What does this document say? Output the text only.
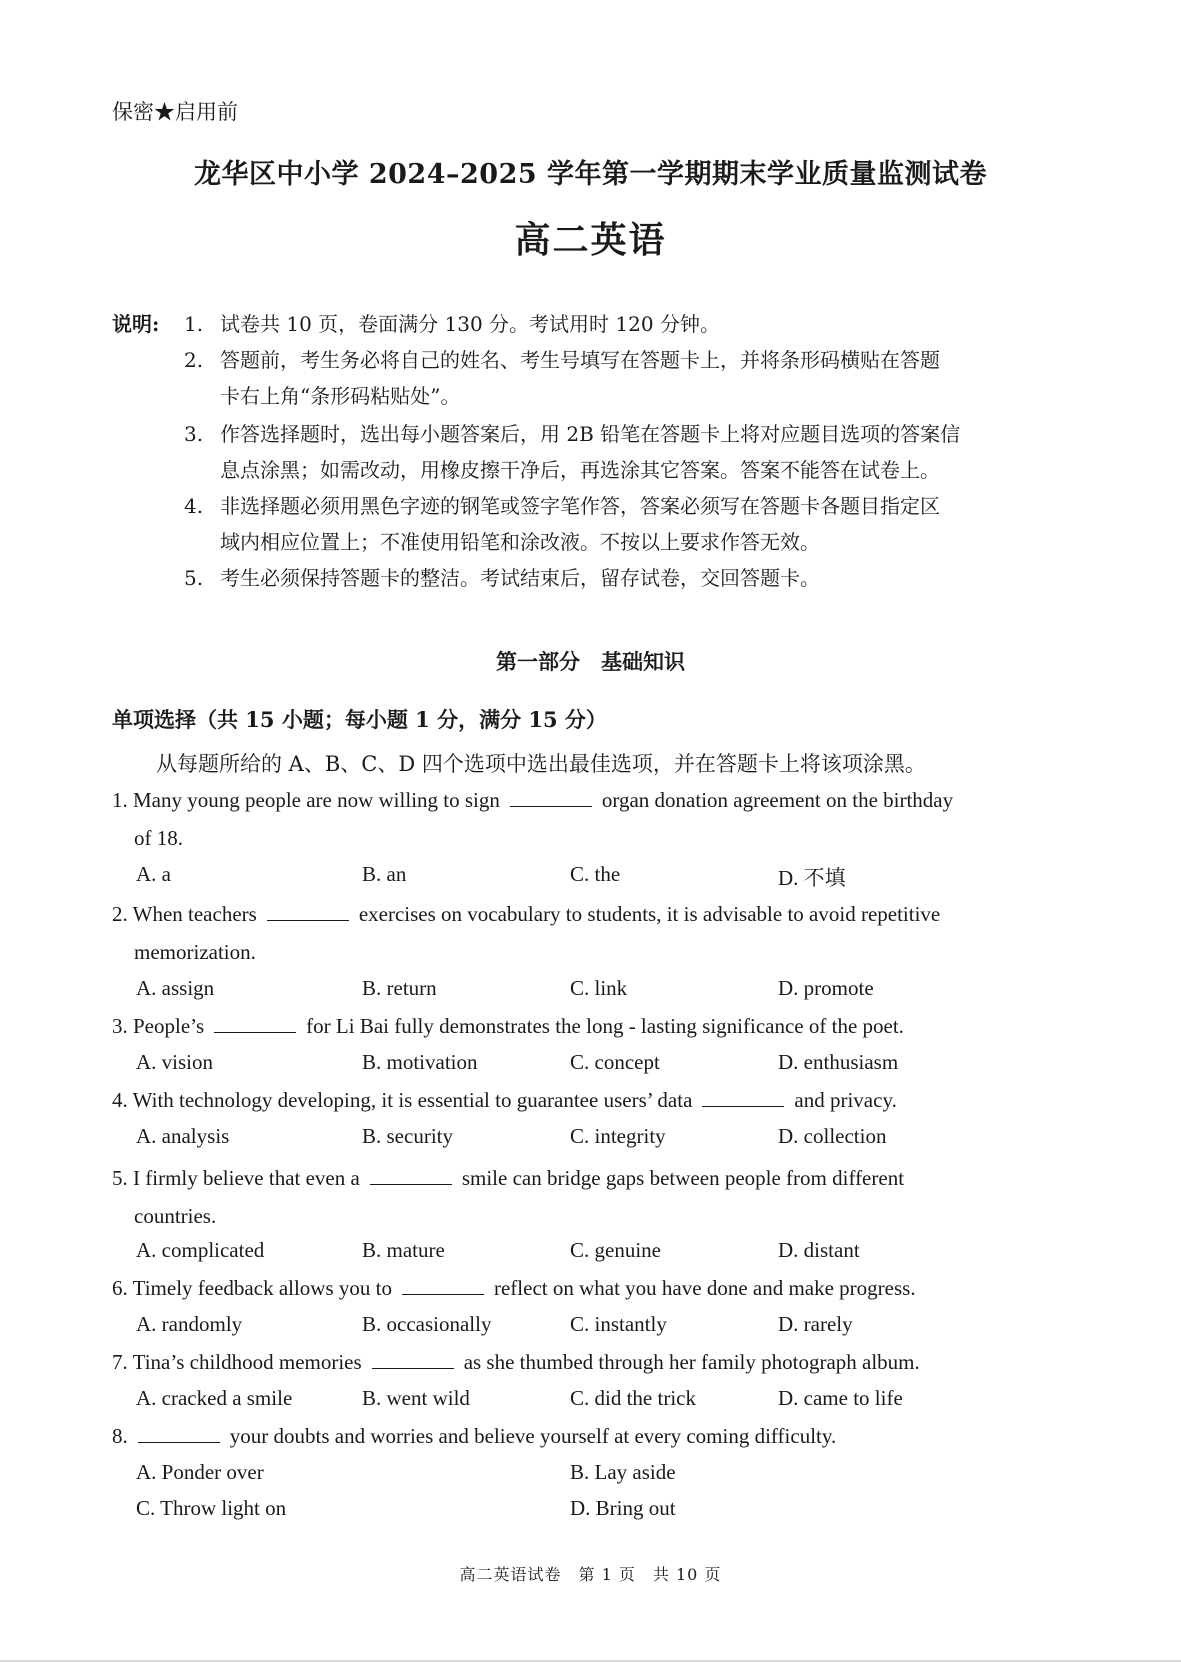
保密★启用前
龙华区中小学 2024–2025 学年第一学期期末学业质量监测试卷
高二英语
说明: 1. 试卷共 10 页，卷面满分 130 分。考试用时 120 分钟。
2. 答题前，考生务必将自己的姓名、考生号填写在答题卡上，并将条形码横贴在答题
卡右上角“条形码粘贴处”。
3. 作答选择题时，选出每小题答案后，用 2B 铅笔在答题卡上将对应题目选项的答案信
息点涂黑；如需改动，用橡皮擦干净后，再选涂其它答案。答案不能答在试卷上。
4. 非选择题必须用黑色字迹的钢笔或签字笔作答，答案必须写在答题卡各题目指定区
域内相应位置上；不准使用铅笔和涂改液。不按以上要求作答无效。
5. 考生必须保持答题卡的整洁。考试结束后，留存试卷，交回答题卡。
第一部分　基础知识
单项选择（共 15 小题；每小题 1 分，满分 15 分）
从每题所给的 A、B、C、D 四个选项中选出最佳选项，并在答题卡上将该项涂黑。
1. Many young people are now willing to sign	organ donation agreement on the birthday
of 18.
A. a	B. an	C. the	D. 不填
2. When teachers	exercises on vocabulary to students, it is advisable to avoid repetitive
memorization.
A. assign	B. return	C. link	D. promote
3. People’s	for Li Bai fully demonstrates the long - lasting significance of the poet.
A. vision	B. motivation	C. concept	D. enthusiasm
4. With technology developing, it is essential to guarantee users’ data	and privacy.
A. analysis	B. security	C. integrity	D. collection
5. I firmly believe that even a	smile can bridge gaps between people from different
countries.
A. complicated	B. mature	C. genuine	D. distant
6. Timely feedback allows you to	reflect on what you have done and make progress.
A. randomly	B. occasionally	C. instantly	D. rarely
7. Tina’s childhood memories	as she thumbed through her family photograph album.
A. cracked a smile	B. went wild	C. did the trick	D. came to life
8.	your doubts and worries and believe yourself at every coming difficulty.
A. Ponder over	B. Lay aside
C. Throw light on	D. Bring out
高二英语试卷　第 1 页　共 10 页
